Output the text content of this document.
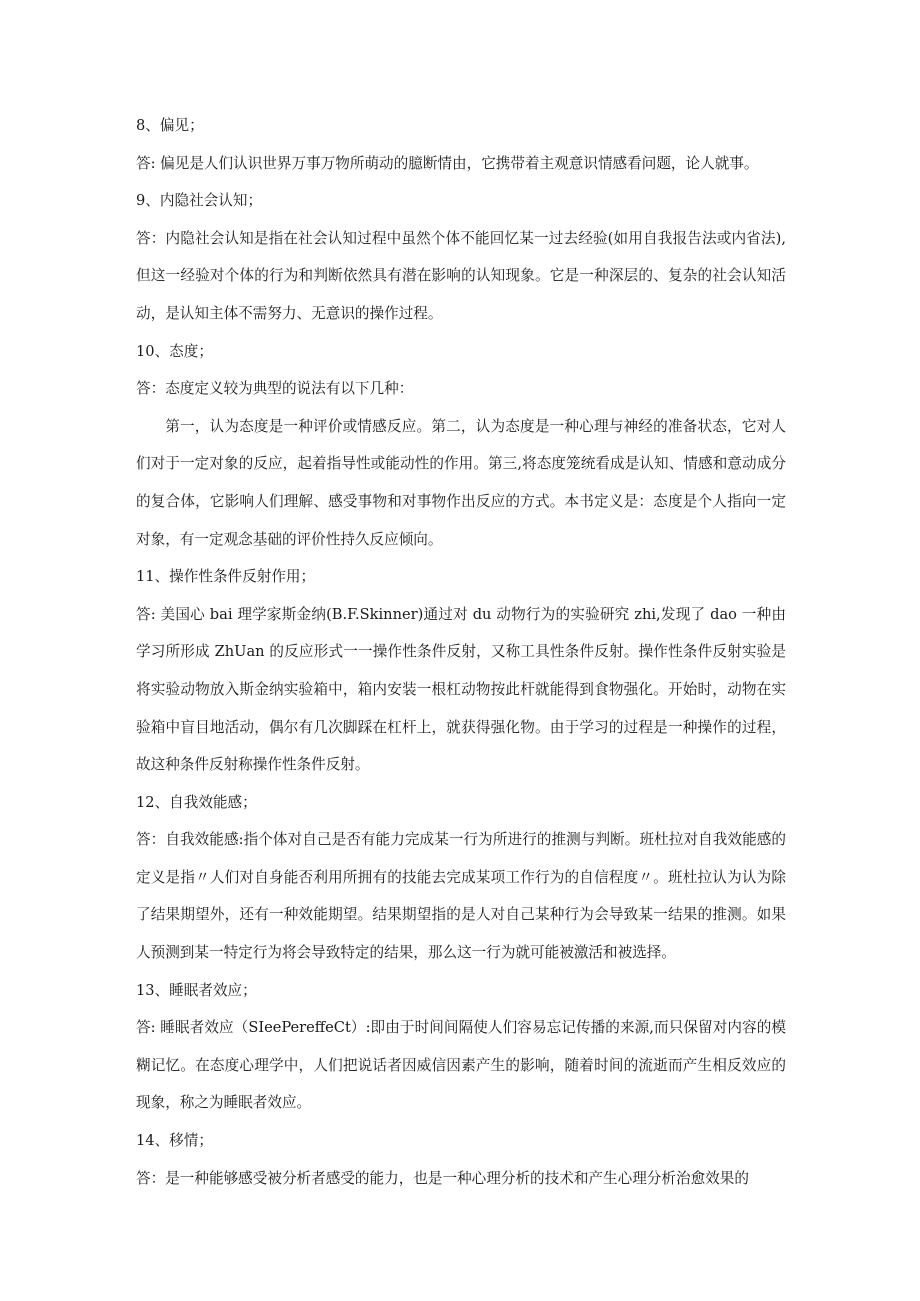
8、偏见；

答: 偏见是人们认识世界万事万物所萌动的臆断情由，它携带着主观意识情感看问题，论人就事。

9、内隐社会认知；

答：内隐社会认知是指在社会认知过程中虽然个体不能回忆某一过去经验(如用自我报告法或内省法),但这一经验对个体的行为和判断依然具有潜在影响的认知现象。它是一种深层的、复杂的社会认知活动，是认知主体不需努力、无意识的操作过程。

10、态度；

答：态度定义较为典型的说法有以下几种：

第一，认为态度是一种评价或情感反应。第二，认为态度是一种心理与神经的准备状态，它对人们对于一定对象的反应，起着指导性或能动性的作用。第三,将态度笼统看成是认知、情感和意动成分的复合体，它影响人们理解、感受事物和对事物作出反应的方式。本书定义是：态度是个人指向一定对象，有一定观念基础的评价性持久反应倾向。

11、操作性条件反射作用；

答: 美国心 bai 理学家斯金纳(B.F.Skinner)通过对 du 动物行为的实验研究 zhi,发现了 dao 一种由学习所形成 ZhUan 的反应形式一一操作性条件反射，又称工具性条件反射。操作性条件反射实验是将实验动物放入斯金纳实验箱中，箱内安装一根杠动物按此杆就能得到食物强化。开始时，动物在实验箱中盲目地活动，偶尔有几次脚踩在杠杆上，就获得强化物。由于学习的过程是一种操作的过程，故这种条件反射称操作性条件反射。

12、自我效能感；

答：自我效能感:指个体对自己是否有能力完成某一行为所进行的推测与判断。班杜拉对自我效能感的定义是指〃人们对自身能否利用所拥有的技能去完成某项工作行为的自信程度〃。班杜拉认为认为除了结果期望外，还有一种效能期望。结果期望指的是人对自己某种行为会导致某一结果的推测。如果人预测到某一特定行为将会导致特定的结果，那么这一行为就可能被激活和被选择。

13、睡眠者效应；

答: 睡眠者效应（SIeePereffeCt）:即由于时间间隔使人们容易忘记传播的来源,而只保留对内容的模糊记忆。在态度心理学中，人们把说话者因威信因素产生的影响，随着时间的流逝而产生相反效应的现象，称之为睡眠者效应。

14、移情；

答：是一种能够感受被分析者感受的能力，也是一种心理分析的技术和产生心理分析治愈效果的
